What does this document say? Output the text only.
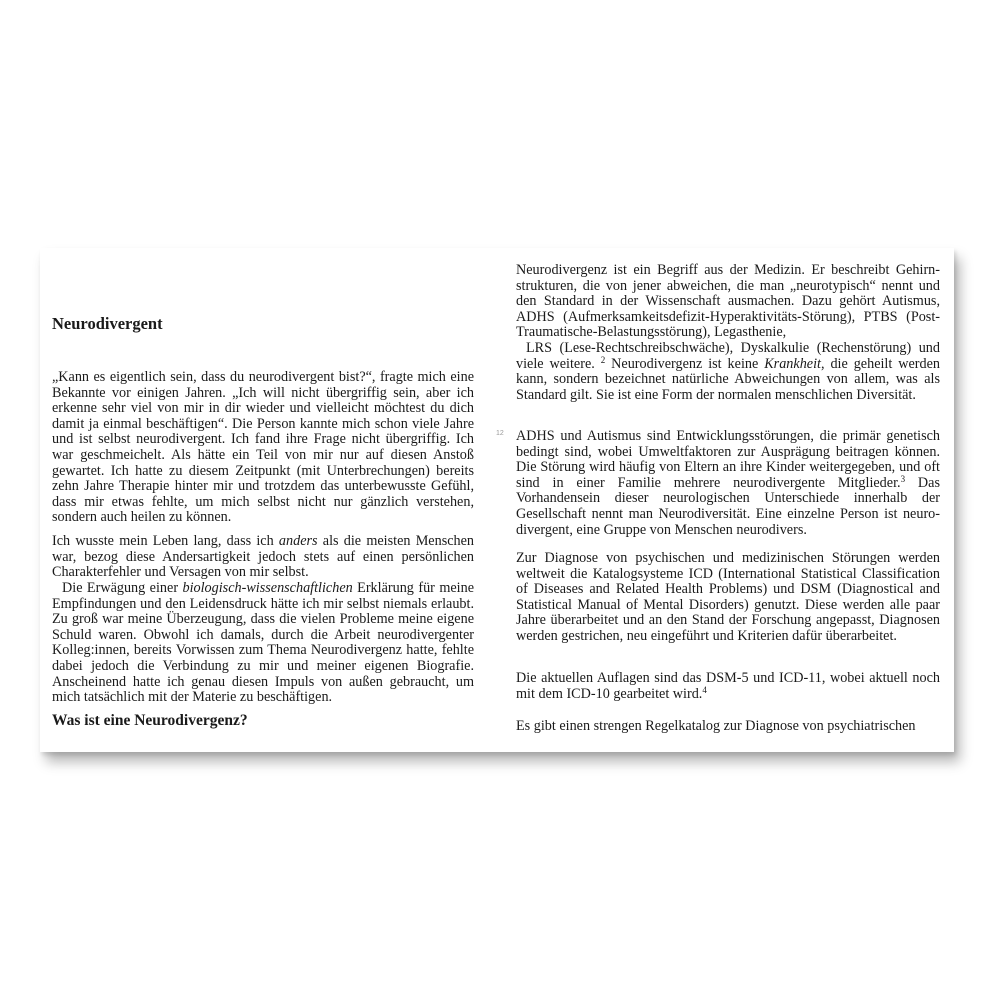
Neurodivergent

„Kann es eigentlich sein, dass du neurodivergent bist?“, fragte mich eine Bekannte vor einigen Jahren. „Ich will nicht übergriffig sein, aber ich erkenne sehr viel von mir in dir wieder und vielleicht möchtest du dich damit ja einmal beschäftigen“. Die Person kannte mich schon viele Jahre und ist selbst neurodivergent. Ich fand ihre Frage nicht übergriffig. Ich war geschmeichelt. Als hätte ein Teil von mir nur auf diesen Anstoß gewartet. Ich hatte zu diesem Zeitpunkt (mit Unterbrechungen) bereits zehn Jahre Therapie hinter mir und trotzdem das unterbewusste Gefühl, dass mir etwas fehlte, um mich selbst nicht nur gänzlich verstehen, sondern auch heilen zu können.

Ich wusste mein Leben lang, dass ich anders als die meisten Menschen war, bezog diese Andersartigkeit jedoch stets auf einen persönlichen Charakterfehler und Versagen von mir selbst.

Die Erwägung einer biologisch-wissenschaftlichen Erklärung für meine Empfindungen und den Leidensdruck hätte ich mir selbst niemals erlaubt. Zu groß war meine Überzeugung, dass die vielen Probleme meine eigene Schuld waren. Obwohl ich damals, durch die Arbeit neurodivergenter Kolleg:innen, bereits Vorwissen zum Thema Neurodivergenz hatte, fehlte dabei jedoch die Verbindung zu mir und meiner eigenen Biografie. Anscheinend hatte ich genau diesen Impuls von außen gebraucht, um mich tatsächlich mit der Materie zu beschäftigen.

Was ist eine Neurodivergenz?
12

Neurodivergenz ist ein Begriff aus der Medizin. Er beschreibt Gehirnstrukturen, die von jener abweichen, die man „neurotypisch“ nennt und den Standard in der Wissenschaft ausmachen. Dazu gehört Autismus, ADHS (Aufmerksamkeitsdefizit-Hyperaktivitäts-Störung), PTBS (Post-Traumatische-Belastungsstörung), Legasthenie,

LRS (Lese-Rechtschreibschwäche), Dyskalkulie (Rechenstörung) und viele weitere. $^2$ Neurodivergenz ist keine Krankheit, die geheilt werden kann, sondern bezeichnet natürliche Abweichungen von allem, was als Standard gilt. Sie ist eine Form der normalen menschlichen Diversität.

ADHS und Autismus sind Entwicklungsstörungen, die primär genetisch bedingt sind, wobei Umweltfaktoren zur Ausprägung beitragen können. Die Störung wird häufig von Eltern an ihre Kinder weitergegeben, und oft sind in einer Familie mehrere neurodivergente Mitglieder.$^3$ Das Vorhandensein dieser neurologischen Unterschiede innerhalb der Gesellschaft nennt man Neurodiversität. Eine einzelne Person ist neurodivergent, eine Gruppe von Menschen neurodivers.

Zur Diagnose von psychischen und medizinischen Störungen werden weltweit die Katalogsysteme ICD (International Statistical Classification of Diseases and Related Health Problems) und DSM (Diagnostical and Statistical Manual of Mental Disorders) genutzt. Diese werden alle paar Jahre überarbeitet und an den Stand der Forschung angepasst, Diagnosen werden gestrichen, neu eingeführt und Kriterien dafür überarbeitet.

Die aktuellen Auflagen sind das DSM-5 und ICD-11, wobei aktuell noch mit dem ICD-10 gearbeitet wird.$^4$

Es gibt einen strengen Regelkatalog zur Diagnose von psychiatrischen
